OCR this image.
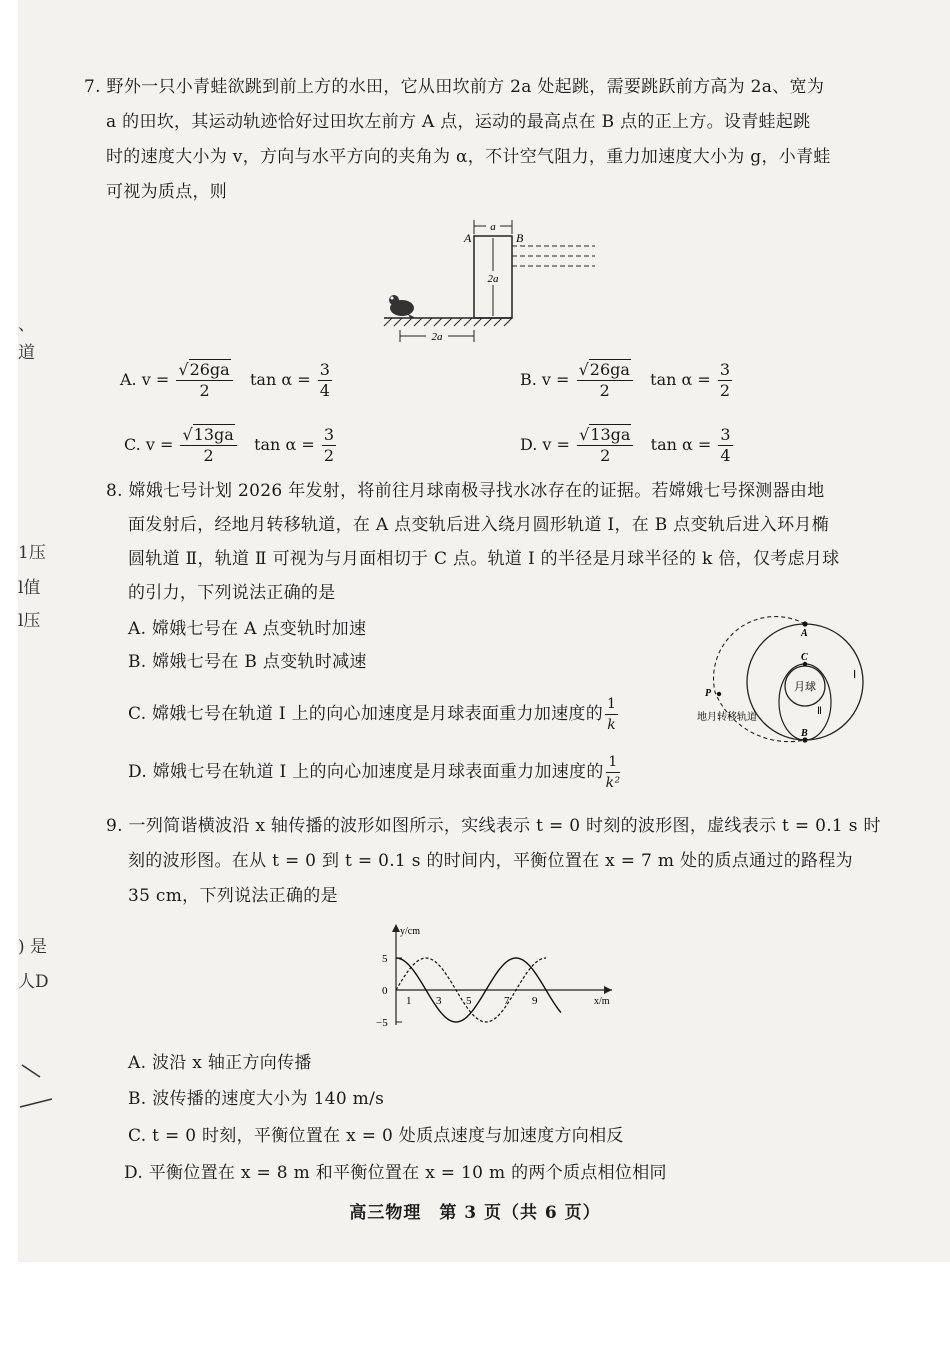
、
道
1压
l值
l压
) 是
人D
7. 野外一只小青蛙欲跳到前上方的水田，它从田坎前方 2a 处起跳，需要跳跃前方高为 2a、宽为
a 的田坎，其运动轨迹恰好过田坎左前方 A 点，运动的最高点在 B 点的正上方。设青蛙起跳
时的速度大小为 v，方向与水平方向的夹角为 α，不计空气阻力，重力加速度大小为 g，小青蛙
可视为质点，则
a
2a
A	B
2a
A. $v = \frac{√26ga}{2}$ $\tan \alpha = \frac{3}{4}$	B. $v = \frac{√26ga}{2}$ $\tan \alpha = \frac{3}{2}$
C. $v = \frac{√13ga}{2}$ $\tan \alpha = \frac{3}{2}$	D. $v = \frac{√13ga}{2}$ $\tan \alpha = \frac{3}{4}$
8. 嫦娥七号计划 2026 年发射，将前往月球南极寻找水冰存在的证据。若嫦娥七号探测器由地
面发射后，经地月转移轨道，在 A 点变轨后进入绕月圆形轨道 Ⅰ，在 B 点变轨后进入环月椭
圆轨道 Ⅱ，轨道 Ⅱ 可视为与月面相切于 C 点。轨道 Ⅰ 的半径是月球半径的 k 倍，仅考虑月球
的引力，下列说法正确的是
A. 嫦娥七号在 A 点变轨时加速
B. 嫦娥七号在 B 点变轨时减速
C. 嫦娥七号在轨道 Ⅰ 上的向心加速度是月球表面重力加速度的 $\frac{1}{k}$
D. 嫦娥七号在轨道 Ⅰ 上的向心加速度是月球表面重力加速度的 $\frac{1}{\text{k²}}$
月球
A
C
B
P
Ⅰ
Ⅱ
地月转移轨道
9. 一列简谐横波沿 x 轴传播的波形如图所示，实线表示 t = 0 时刻的波形图，虚线表示 t = 0.1 s 时
刻的波形图。在从 t = 0 到 t = 0.1 s 的时间内，平衡位置在 x = 7 m 处的质点通过的路程为
35 cm，下列说法正确的是
y/cm
x/m
5
0
−5
1 3 5	7 9
A. 波沿 x 轴正方向传播
B. 波传播的速度大小为 140 m/s
C. t = 0 时刻，平衡位置在 x = 0 处质点速度与加速度方向相反
D. 平衡位置在 x = 8 m 和平衡位置在 x = 10 m 的两个质点相位相同
高三物理　第 3 页（共 6 页）
